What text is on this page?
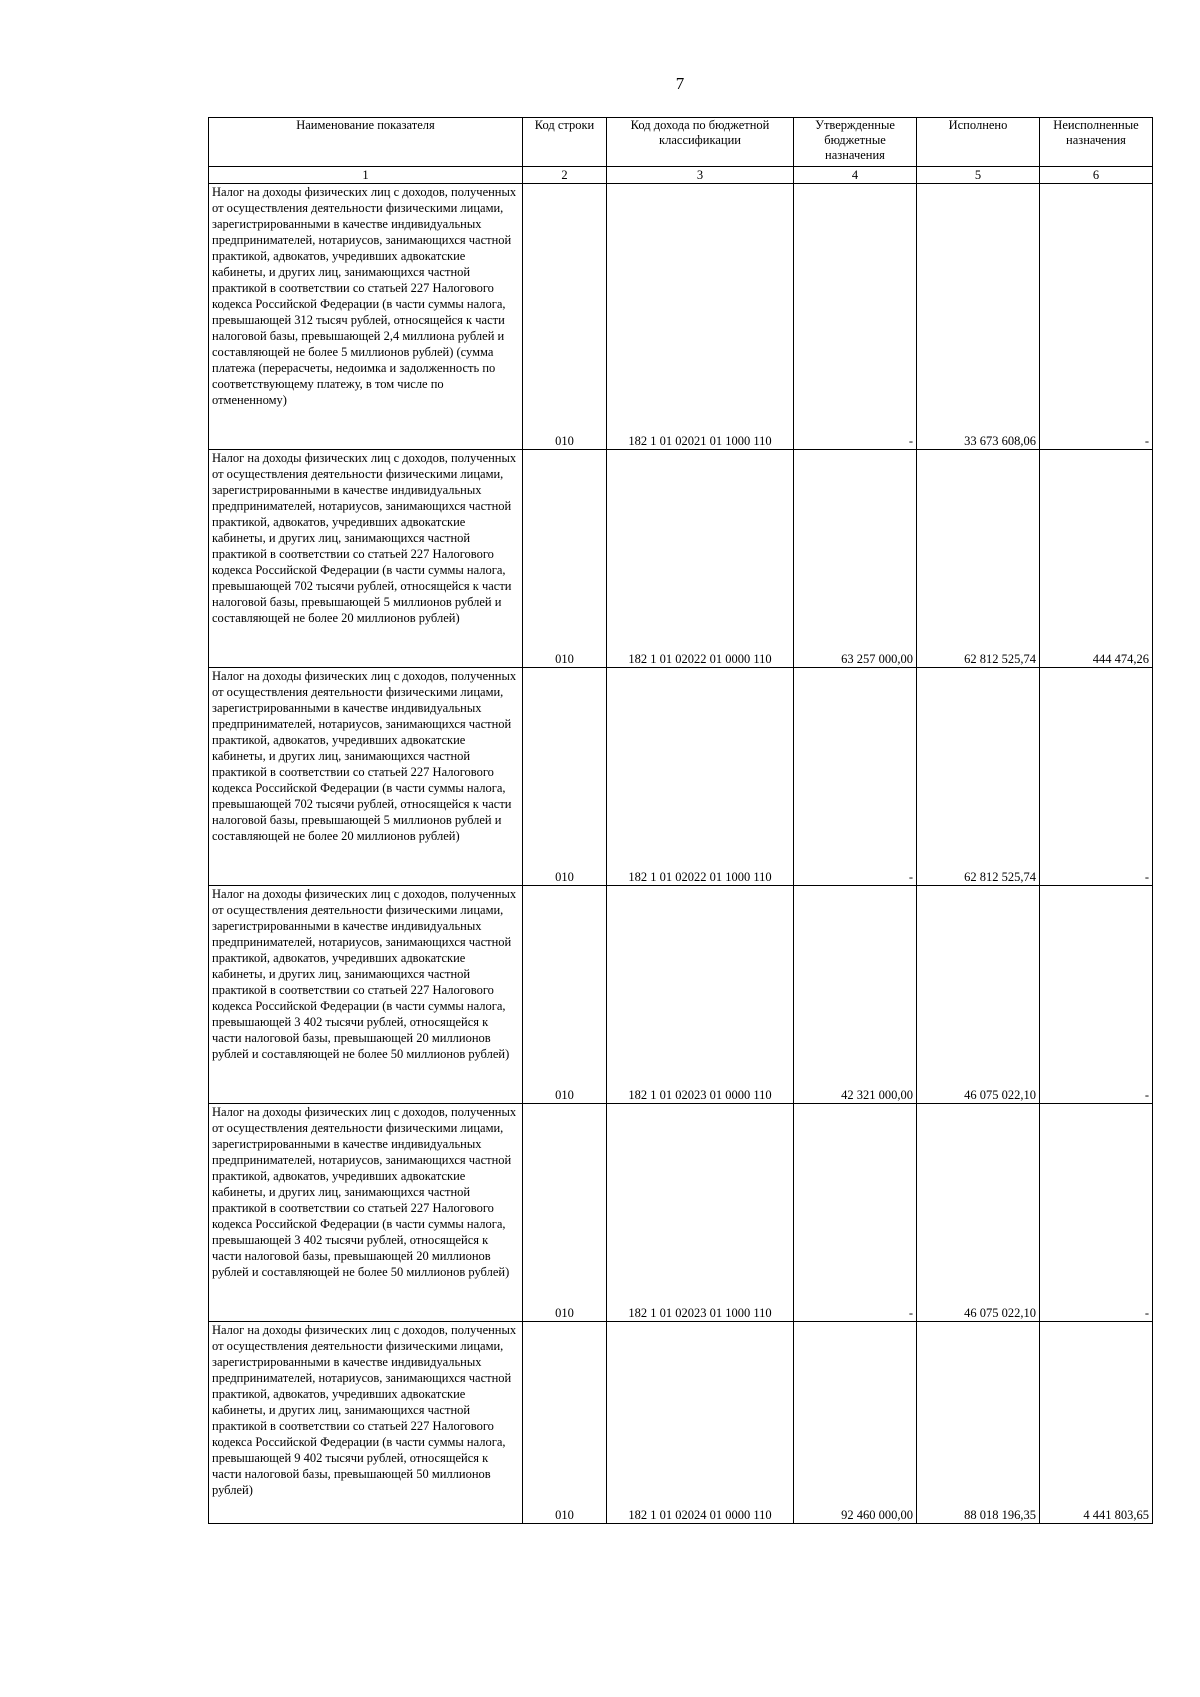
7
Наименование показателя	Код строки	Код дохода по бюджетной классификации	Утвержденные бюджетные назначения	Исполнено	Неисполненные назначения
1	2	3	4	5	6
Налог на доходы физических лиц с доходов, полученных от осуществления деятельности физическими лицами, зарегистрированными в качестве индивидуальных предпринимателей, нотариусов, занимающихся частной практикой, адвокатов, учредивших адвокатские кабинеты, и других лиц, занимающихся частной практикой в соответствии со статьей 227 Налогового кодекса Российской Федерации (в части суммы налога, превышающей 312 тысяч рублей, относящейся к части налоговой базы, превышающей 2,4 миллиона рублей и составляющей не более 5 миллионов рублей) (сумма платежа (перерасчеты, недоимка и задолженность по соответствующему платежу, в том числе по отмененному)	010	182 1 01 02021 01 1000 110	-	33 673 608,06	-
Налог на доходы физических лиц с доходов, полученных от осуществления деятельности физическими лицами, зарегистрированными в качестве индивидуальных предпринимателей, нотариусов, занимающихся частной практикой, адвокатов, учредивших адвокатские кабинеты, и других лиц, занимающихся частной практикой в соответствии со статьей 227 Налогового кодекса Российской Федерации (в части суммы налога, превышающей 702 тысячи рублей, относящейся к части налоговой базы, превышающей 5 миллионов рублей и составляющей не более 20 миллионов рублей)	010	182 1 01 02022 01 0000 110	63 257 000,00	62 812 525,74	444 474,26
Налог на доходы физических лиц с доходов, полученных от осуществления деятельности физическими лицами, зарегистрированными в качестве индивидуальных предпринимателей, нотариусов, занимающихся частной практикой, адвокатов, учредивших адвокатские кабинеты, и других лиц, занимающихся частной практикой в соответствии со статьей 227 Налогового кодекса Российской Федерации (в части суммы налога, превышающей 702 тысячи рублей, относящейся к части налоговой базы, превышающей 5 миллионов рублей и составляющей не более 20 миллионов рублей)	010	182 1 01 02022 01 1000 110	-	62 812 525,74	-
Налог на доходы физических лиц с доходов, полученных от осуществления деятельности физическими лицами, зарегистрированными в качестве индивидуальных предпринимателей, нотариусов, занимающихся частной практикой, адвокатов, учредивших адвокатские кабинеты, и других лиц, занимающихся частной практикой в соответствии со статьей 227 Налогового кодекса Российской Федерации (в части суммы налога, превышающей 3 402 тысячи рублей, относящейся к части налоговой базы, превышающей 20 миллионов рублей и составляющей не более 50 миллионов рублей)	010	182 1 01 02023 01 0000 110	42 321 000,00	46 075 022,10	-
Налог на доходы физических лиц с доходов, полученных от осуществления деятельности физическими лицами, зарегистрированными в качестве индивидуальных предпринимателей, нотариусов, занимающихся частной практикой, адвокатов, учредивших адвокатские кабинеты, и других лиц, занимающихся частной практикой в соответствии со статьей 227 Налогового кодекса Российской Федерации (в части суммы налога, превышающей 3 402 тысячи рублей, относящейся к части налоговой базы, превышающей 20 миллионов рублей и составляющей не более 50 миллионов рублей)	010	182 1 01 02023 01 1000 110	-	46 075 022,10	-
Налог на доходы физических лиц с доходов, полученных от осуществления деятельности физическими лицами, зарегистрированными в качестве индивидуальных предпринимателей, нотариусов, занимающихся частной практикой, адвокатов, учредивших адвокатские кабинеты, и других лиц, занимающихся частной практикой в соответствии со статьей 227 Налогового кодекса Российской Федерации (в части суммы налога, превышающей 9 402 тысячи рублей, относящейся к части налоговой базы, превышающей 50 миллионов рублей)	010	182 1 01 02024 01 0000 110	92 460 000,00	88 018 196,35	4 441 803,65
